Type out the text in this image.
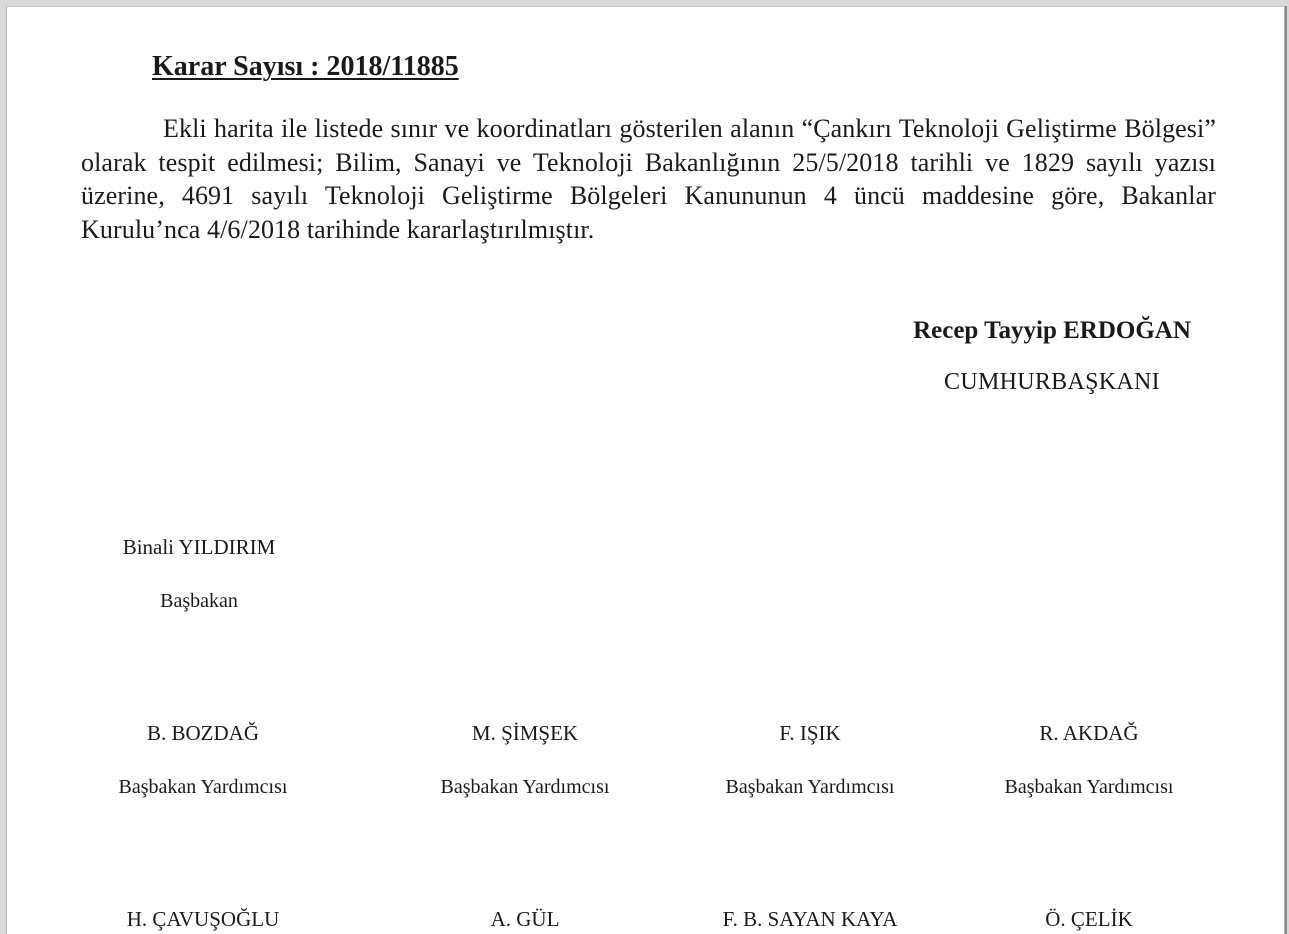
Karar Sayısı : 2018/11885

Ekli harita ile listede sınır ve koordinatları gösterilen alanın “Çankırı Teknoloji Geliştirme Bölgesi” olarak tespit edilmesi; Bilim, Sanayi ve Teknoloji Bakanlığının 25/5/2018 tarihli ve 1829 sayılı yazısı üzerine, 4691 sayılı Teknoloji Geliştirme Bölgeleri Kanununun 4 üncü maddesine göre, Bakanlar Kurulu’nca 4/6/2018 tarihinde kararlaştırılmıştır.

Recep Tayyip ERDOĞAN
CUMHURBAŞKANI
Binali YILDIRIM
Başbakan
B. BOZDAĞ
Başbakan Yardımcısı
M. ŞİMŞEK
Başbakan Yardımcısı
F. IŞIK
Başbakan Yardımcısı
R. AKDAĞ
Başbakan Yardımcısı
H. ÇAVUŞOĞLU	A. GÜL	F. B. SAYAN KAYA	Ö. ÇELİK
